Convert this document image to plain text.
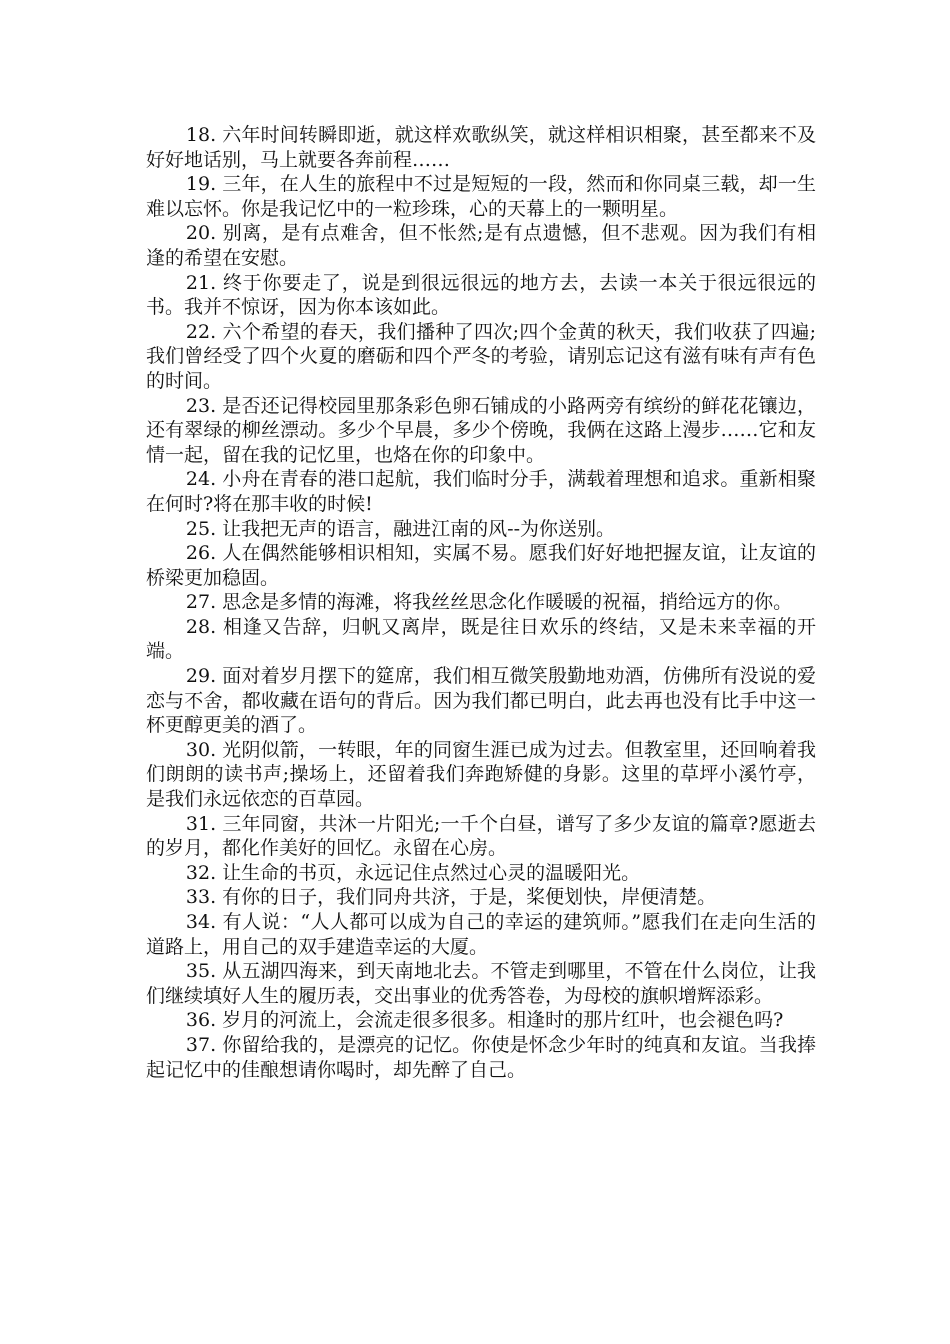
18. 六年时间转瞬即逝，就这样欢歌纵笑，就这样相识相聚，甚至都来不及好好地话别，马上就要各奔前程……

19. 三年，在人生的旅程中不过是短短的一段，然而和你同桌三载，却一生难以忘怀。你是我记忆中的一粒珍珠，心的天幕上的一颗明星。

20. 别离，是有点难舍，但不怅然;是有点遗憾，但不悲观。因为我们有相逢的希望在安慰。

21. 终于你要走了，说是到很远很远的地方去，去读一本关于很远很远的书。我并不惊讶，因为你本该如此。

22. 六个希望的春天，我们播种了四次;四个金黄的秋天，我们收获了四遍;我们曾经受了四个火夏的磨砺和四个严冬的考验，请别忘记这有滋有味有声有色的时间。

23. 是否还记得校园里那条彩色卵石铺成的小路两旁有缤纷的鲜花花镶边，还有翠绿的柳丝漂动。多少个早晨，多少个傍晚，我俩在这路上漫步……它和友情一起，留在我的记忆里，也烙在你的印象中。

24. 小舟在青春的港口起航，我们临时分手，满载着理想和追求。重新相聚在何时?将在那丰收的时候!

25. 让我把无声的语言，融进江南的风--为你送别。

26. 人在偶然能够相识相知，实属不易。愿我们好好地把握友谊，让友谊的桥梁更加稳固。

27. 思念是多情的海滩，将我丝丝思念化作暖暖的祝福，捎给远方的你。

28. 相逢又告辞，归帆又离岸，既是往日欢乐的终结，又是未来幸福的开端。

29. 面对着岁月摆下的筵席，我们相互微笑殷勤地劝酒，仿佛所有没说的爱恋与不舍，都收藏在语句的背后。因为我们都已明白，此去再也没有比手中这一杯更醇更美的酒了。

30. 光阴似箭，一转眼，年的同窗生涯已成为过去。但教室里，还回响着我们朗朗的读书声;操场上，还留着我们奔跑矫健的身影。这里的草坪小溪竹亭，是我们永远依恋的百草园。

31. 三年同窗，共沐一片阳光;一千个白昼，谱写了多少友谊的篇章?愿逝去的岁月，都化作美好的回忆。永留在心房。

32. 让生命的书页，永远记住点然过心灵的温暖阳光。

33. 有你的日子，我们同舟共济，于是，桨便划快，岸便清楚。

34. 有人说：“人人都可以成为自己的幸运的建筑师。”愿我们在走向生活的道路上，用自己的双手建造幸运的大厦。

35. 从五湖四海来，到天南地北去。不管走到哪里，不管在什么岗位，让我们继续填好人生的履历表，交出事业的优秀答卷，为母校的旗帜增辉添彩。

36. 岁月的河流上，会流走很多很多。相逢时的那片红叶，也会褪色吗?

37. 你留给我的，是漂亮的记忆。你使是怀念少年时的纯真和友谊。当我捧起记忆中的佳酿想请你喝时，却先醉了自己。
